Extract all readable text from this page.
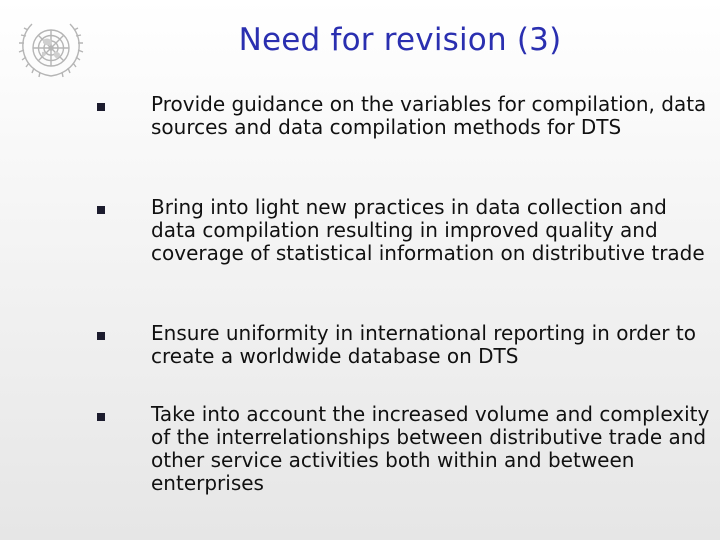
Need for revision (3)
Provide guidance on the variables for compilation, data sources and data compilation methods for DTS
Bring into light new practices in data collection and data compilation resulting in improved quality and coverage of statistical information on distributive trade
Ensure uniformity in international reporting in order to create a worldwide database on DTS
Take into account the increased volume and complexity of the interrelationships between distributive trade and other service activities both within and between enterprises
